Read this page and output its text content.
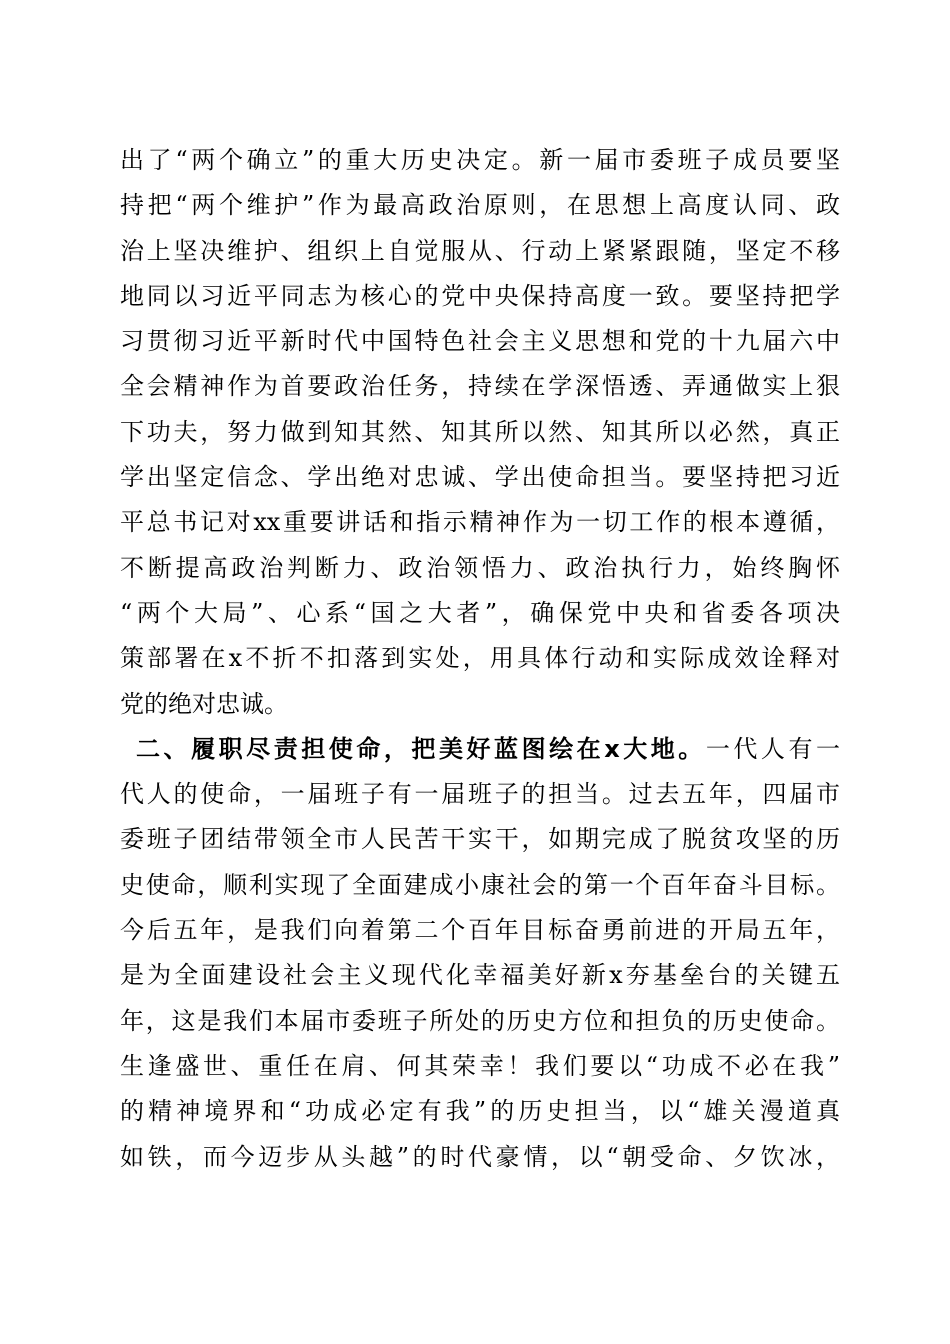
出了“两个确立”的重大历史决定。新一届市委班子成员要坚
持把“两个维护”作为最高政治原则，在思想上高度认同、政
治上坚决维护、组织上自觉服从、行动上紧紧跟随，坚定不移
地同以习近平同志为核心的党中央保持高度一致。要坚持把学
习贯彻习近平新时代中国特色社会主义思想和党的十九届六中
全会精神作为首要政治任务，持续在学深悟透、弄通做实上狠
下功夫，努力做到知其然、知其所以然、知其所以必然，真正
学出坚定信念、学出绝对忠诚、学出使命担当。要坚持把习近
平总书记对xx重要讲话和指示精神作为一切工作的根本遵循，
不断提高政治判断力、政治领悟力、政治执行力，始终胸怀
“两个大局”、心系“国之大者”，确保党中央和省委各项决
策部署在x不折不扣落到实处，用具体行动和实际成效诠释对
党的绝对忠诚。
二、履职尽责担使命，把美好蓝图绘在x大地。一代人有一
代人的使命，一届班子有一届班子的担当。过去五年，四届市
委班子团结带领全市人民苦干实干，如期完成了脱贫攻坚的历
史使命，顺利实现了全面建成小康社会的第一个百年奋斗目标。
今后五年，是我们向着第二个百年目标奋勇前进的开局五年，
是为全面建设社会主义现代化幸福美好新x夯基垒台的关键五
年，这是我们本届市委班子所处的历史方位和担负的历史使命。
生逢盛世、重任在肩、何其荣幸！我们要以“功成不必在我”
的精神境界和“功成必定有我”的历史担当，以“雄关漫道真
如铁，而今迈步从头越”的时代豪情，以“朝受命、夕饮冰，
